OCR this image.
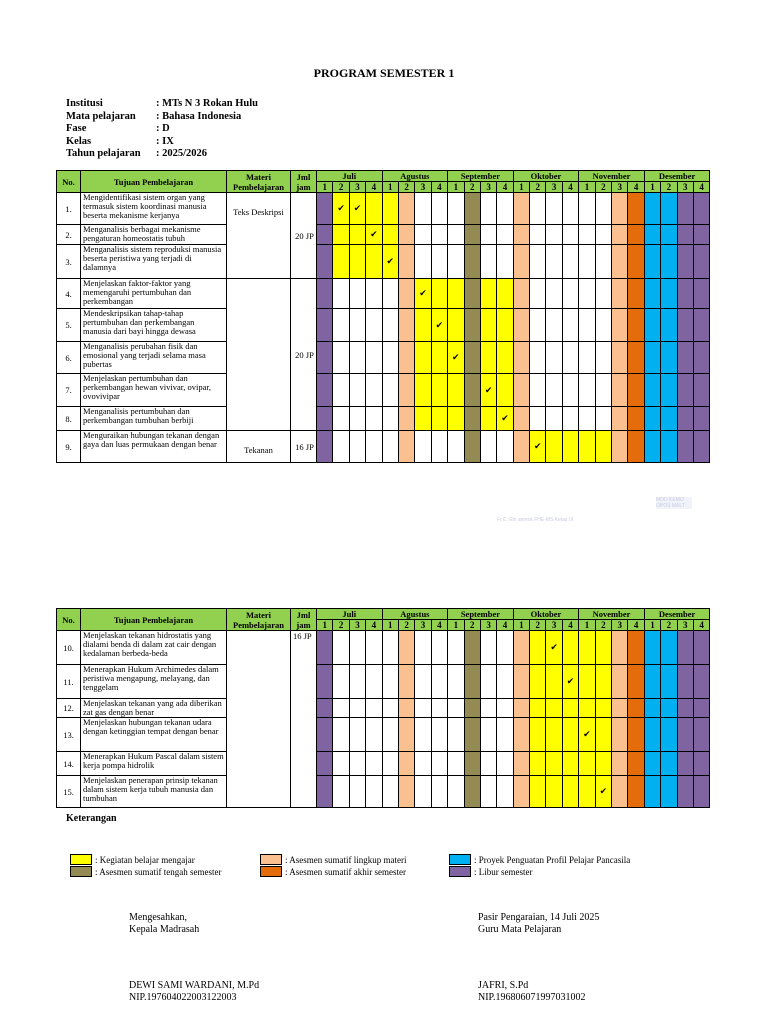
PROGRAM SEMESTER 1
Institusi	: MTs N 3 Rokan Hulu
Mata pelajaran	: Bahasa Indonesia
Fase	: D
Kelas	: IX
Tahun pelajaran	: 2025/2026
No.	Tujuan Pembelajaran	Materi Pembelajaran	Jml jam	Juli				Agustus				September				Oktober				November				Desember			
				1	2	3	4	1	2	3	4	1	2	3	4	1	2	3	4	1	2	3	4	1	2	3	4
1.	Mengidentifikasi sistem organ yang termasuk sistem koordinasi manusia beserta mekanisme kerjanya	Teks Deskripsi	20 JP		✔	✔																					
2.	Menganalisis berbagai mekanisme pengaturan homeostatis tubuh						✔																				
3.	Menganalisis sistem reproduksi manusia beserta peristiwa yang terjadi di dalamnya							✔																			
4.	Menjelaskan faktor-faktor yang memengaruhi pertumbuhan dan perkembangan		20 JP							✔																	
5.	Mendeskripsikan tahap-tahap pertumbuhan dan perkembangan manusia dari bayi hingga dewasa										✔																
6.	Menganalisis perubahan fisik dan emosional yang terjadi selama masa pubertas											✔															
7.	Menjelaskan pertumbuhan dan perkembangan hewan vivivar, ovipar, ovovivipar													✔													
8.	Menganalisis pertumbuhan dan perkembangan tumbuhan berbiji														✔												
9.	Menguraikan hubungan tekanan dengan gaya dan luas permukaan dengan benar	Tekanan	16 JP														✔										
No.	Tujuan Pembelajaran	Materi Pembelajaran	Jml jam	Juli				Agustus				September				Oktober				November				Desember			
				1	2	3	4	1	2	3	4	1	2	3	4	1	2	3	4	1	2	3	4	1	2	3	4
10.	Menjelaskan tekanan hidrostatis yang dialami benda di dalam zat cair dengan kedalaman berbeda-beda		16 JP															✔									
11.	Menerapkan Hukum Archimedes dalam peristiwa mengapung, melayang, dan tenggelam																		✔								
12.	Menjelaskan tekanan yang ada diberikan zat gas dengan benar																										
13.	Menjelaskan hubungan tekanan udara dengan ketinggian tempat dengan benar																			✔							
14.	Menerapkan Hukum Pascal dalam sistem kerja pompa hidrolik																										
15.	Menjelaskan penerapan prinsip tekanan dalam sistem kerja tubuh manusia dan tumbuhan																				✔						
Fr.C: Ein anmok FHE-MS Kelas IX
MOD KEMO OPOS MALT
Keterangan
: Kegiatan belajar mengajar
: Asesmen sumatif tengah semester
: Asesmen sumatif lingkup materi
: Asesmen sumatif akhir semester
: Proyek Penguatan Profil Pelajar Pancasila
: Libur semester
Mengesahkan,
Kepala Madrasah
Pasir Pengaraian, 14 Juli 2025
Guru Mata Pelajaran
DEWI SAMI WARDANI, M.Pd
NIP.197604022003122003
JAFRI, S.Pd
NIP.196806071997031002
